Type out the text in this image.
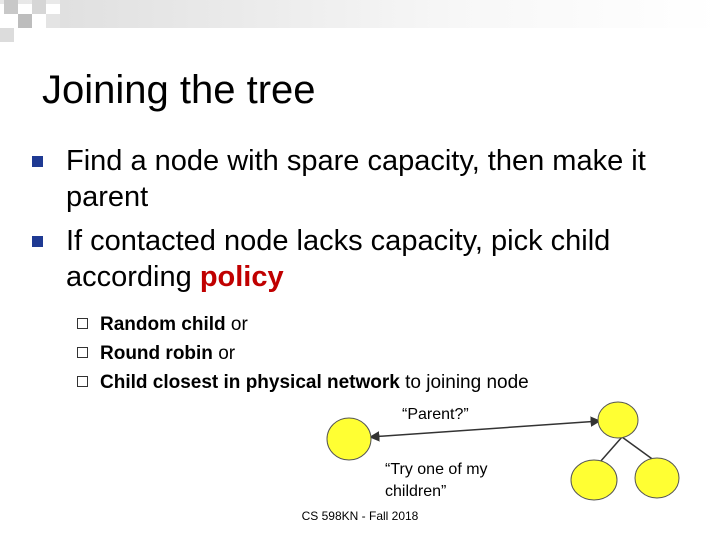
Joining the tree
Find a node with spare capacity, then make it parent
If contacted node lacks capacity, pick child according policy
Random child or
Round robin or
Child closest in physical network to joining node
“Parent?”
“Try one of my children”
CS 598KN - Fall 2018
